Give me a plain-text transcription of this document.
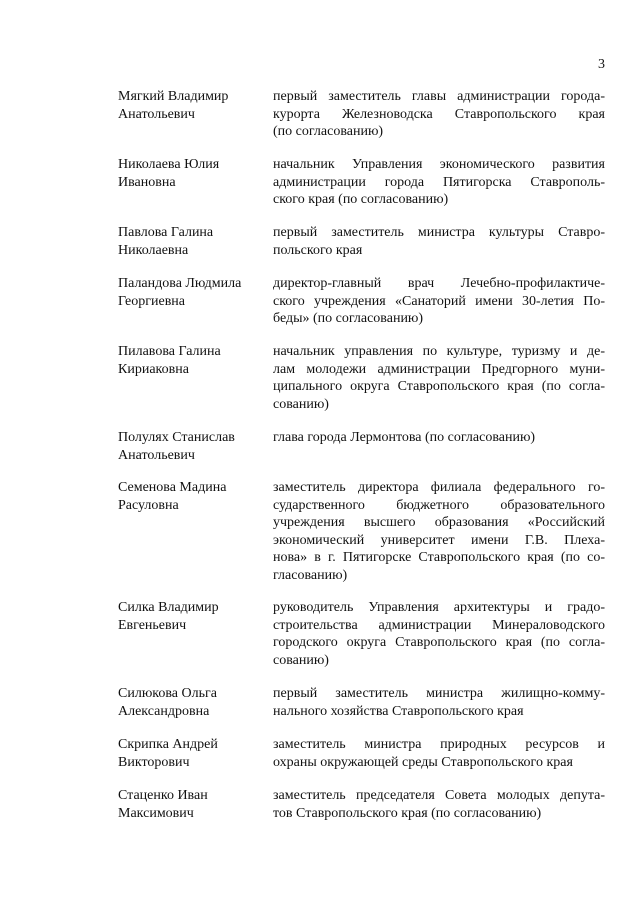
3
Мягкий Владимир
Анатольевич
первый заместитель главы администрации города-
курорта Железноводска Ставропольского края
(по согласованию)
Николаева Юлия
Ивановна
начальник Управления экономического развития
администрации города Пятигорска Ставрополь-
ского края (по согласованию)
Павлова Галина
Николаевна
первый заместитель министра культуры Ставро-
польского края
Паландова Людмила
Георгиевна
директор-главный врач Лечебно-профилактиче-
ского учреждения «Санаторий имени 30-летия По-
беды» (по согласованию)
Пилавова Галина
Кириаковна
начальник управления по культуре, туризму и де-
лам молодежи администрации Предгорного муни-
ципального округа Ставропольского края (по согла-
сованию)
Полулях Станислав
Анатольевич
глава города Лермонтова (по согласованию)
Семенова Мадина
Расуловна
заместитель директора филиала федерального го-
сударственного бюджетного образовательного
учреждения высшего образования «Российский
экономический университет имени Г.В. Плеха-
нова» в г. Пятигорске Ставропольского края (по со-
гласованию)
Силка Владимир
Евгеньевич
руководитель Управления архитектуры и градо-
строительства администрации Минераловодского
городского округа Ставропольского края (по согла-
сованию)
Силюкова Ольга
Александровна
первый заместитель министра жилищно-комму-
нального хозяйства Ставропольского края
Скрипка Андрей
Викторович
заместитель министра природных ресурсов и
охраны окружающей среды Ставропольского края
Стаценко Иван
Максимович
заместитель председателя Совета молодых депута-
тов Ставропольского края (по согласованию)
